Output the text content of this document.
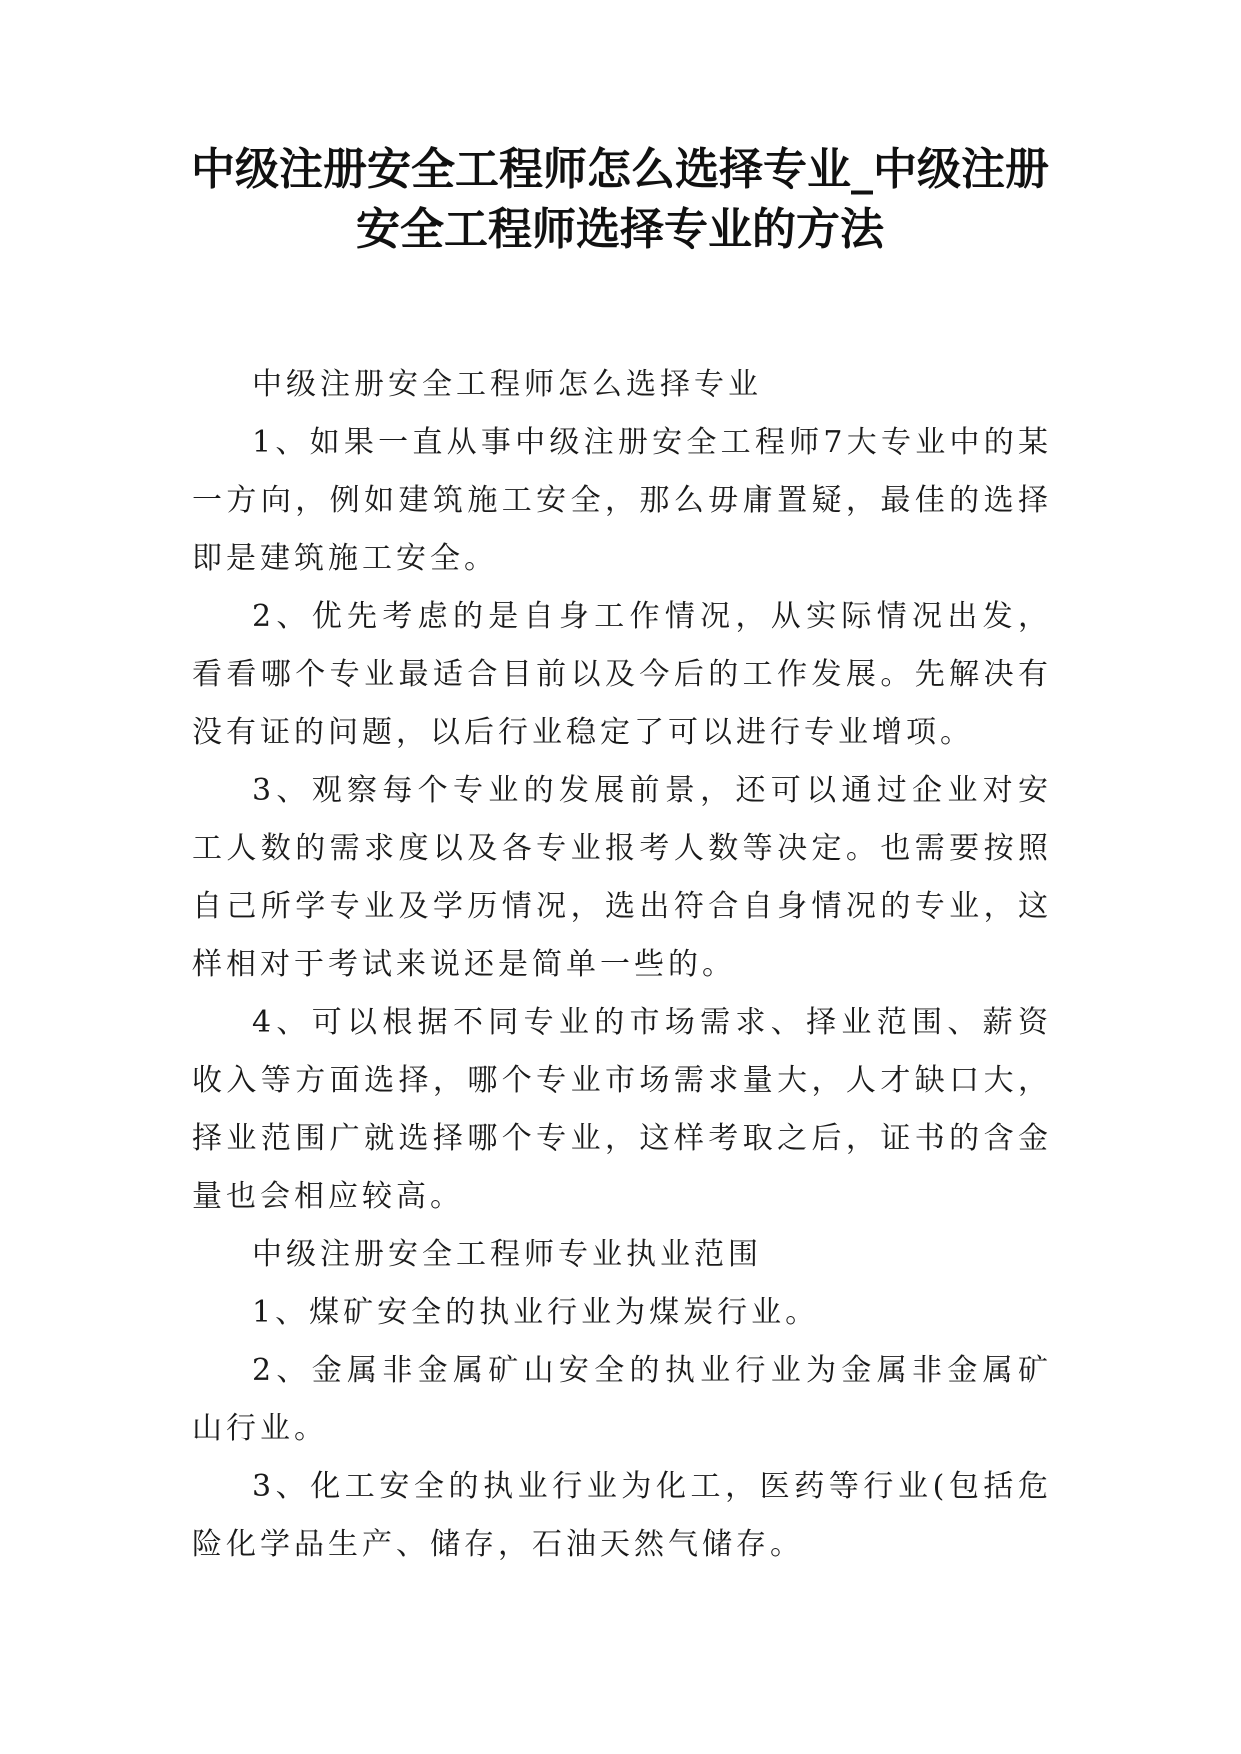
中级注册安全工程师怎么选择专业_中级注册安全工程师选择专业的方法

中级注册安全工程师怎么选择专业

1、如果一直从事中级注册安全工程师7大专业中的某一方向，例如建筑施工安全，那么毋庸置疑，最佳的选择即是建筑施工安全。

2、优先考虑的是自身工作情况，从实际情况出发，看看哪个专业最适合目前以及今后的工作发展。先解决有没有证的问题，以后行业稳定了可以进行专业增项。

3、观察每个专业的发展前景，还可以通过企业对安工人数的需求度以及各专业报考人数等决定。也需要按照自己所学专业及学历情况，选出符合自身情况的专业，这样相对于考试来说还是简单一些的。

4、可以根据不同专业的市场需求、择业范围、薪资收入等方面选择，哪个专业市场需求量大，人才缺口大，择业范围广就选择哪个专业，这样考取之后，证书的含金量也会相应较高。

中级注册安全工程师专业执业范围

1、煤矿安全的执业行业为煤炭行业。

2、金属非金属矿山安全的执业行业为金属非金属矿山行业。

3、化工安全的执业行业为化工，医药等行业(包括危险化学品生产、储存，石油天然气储存。
